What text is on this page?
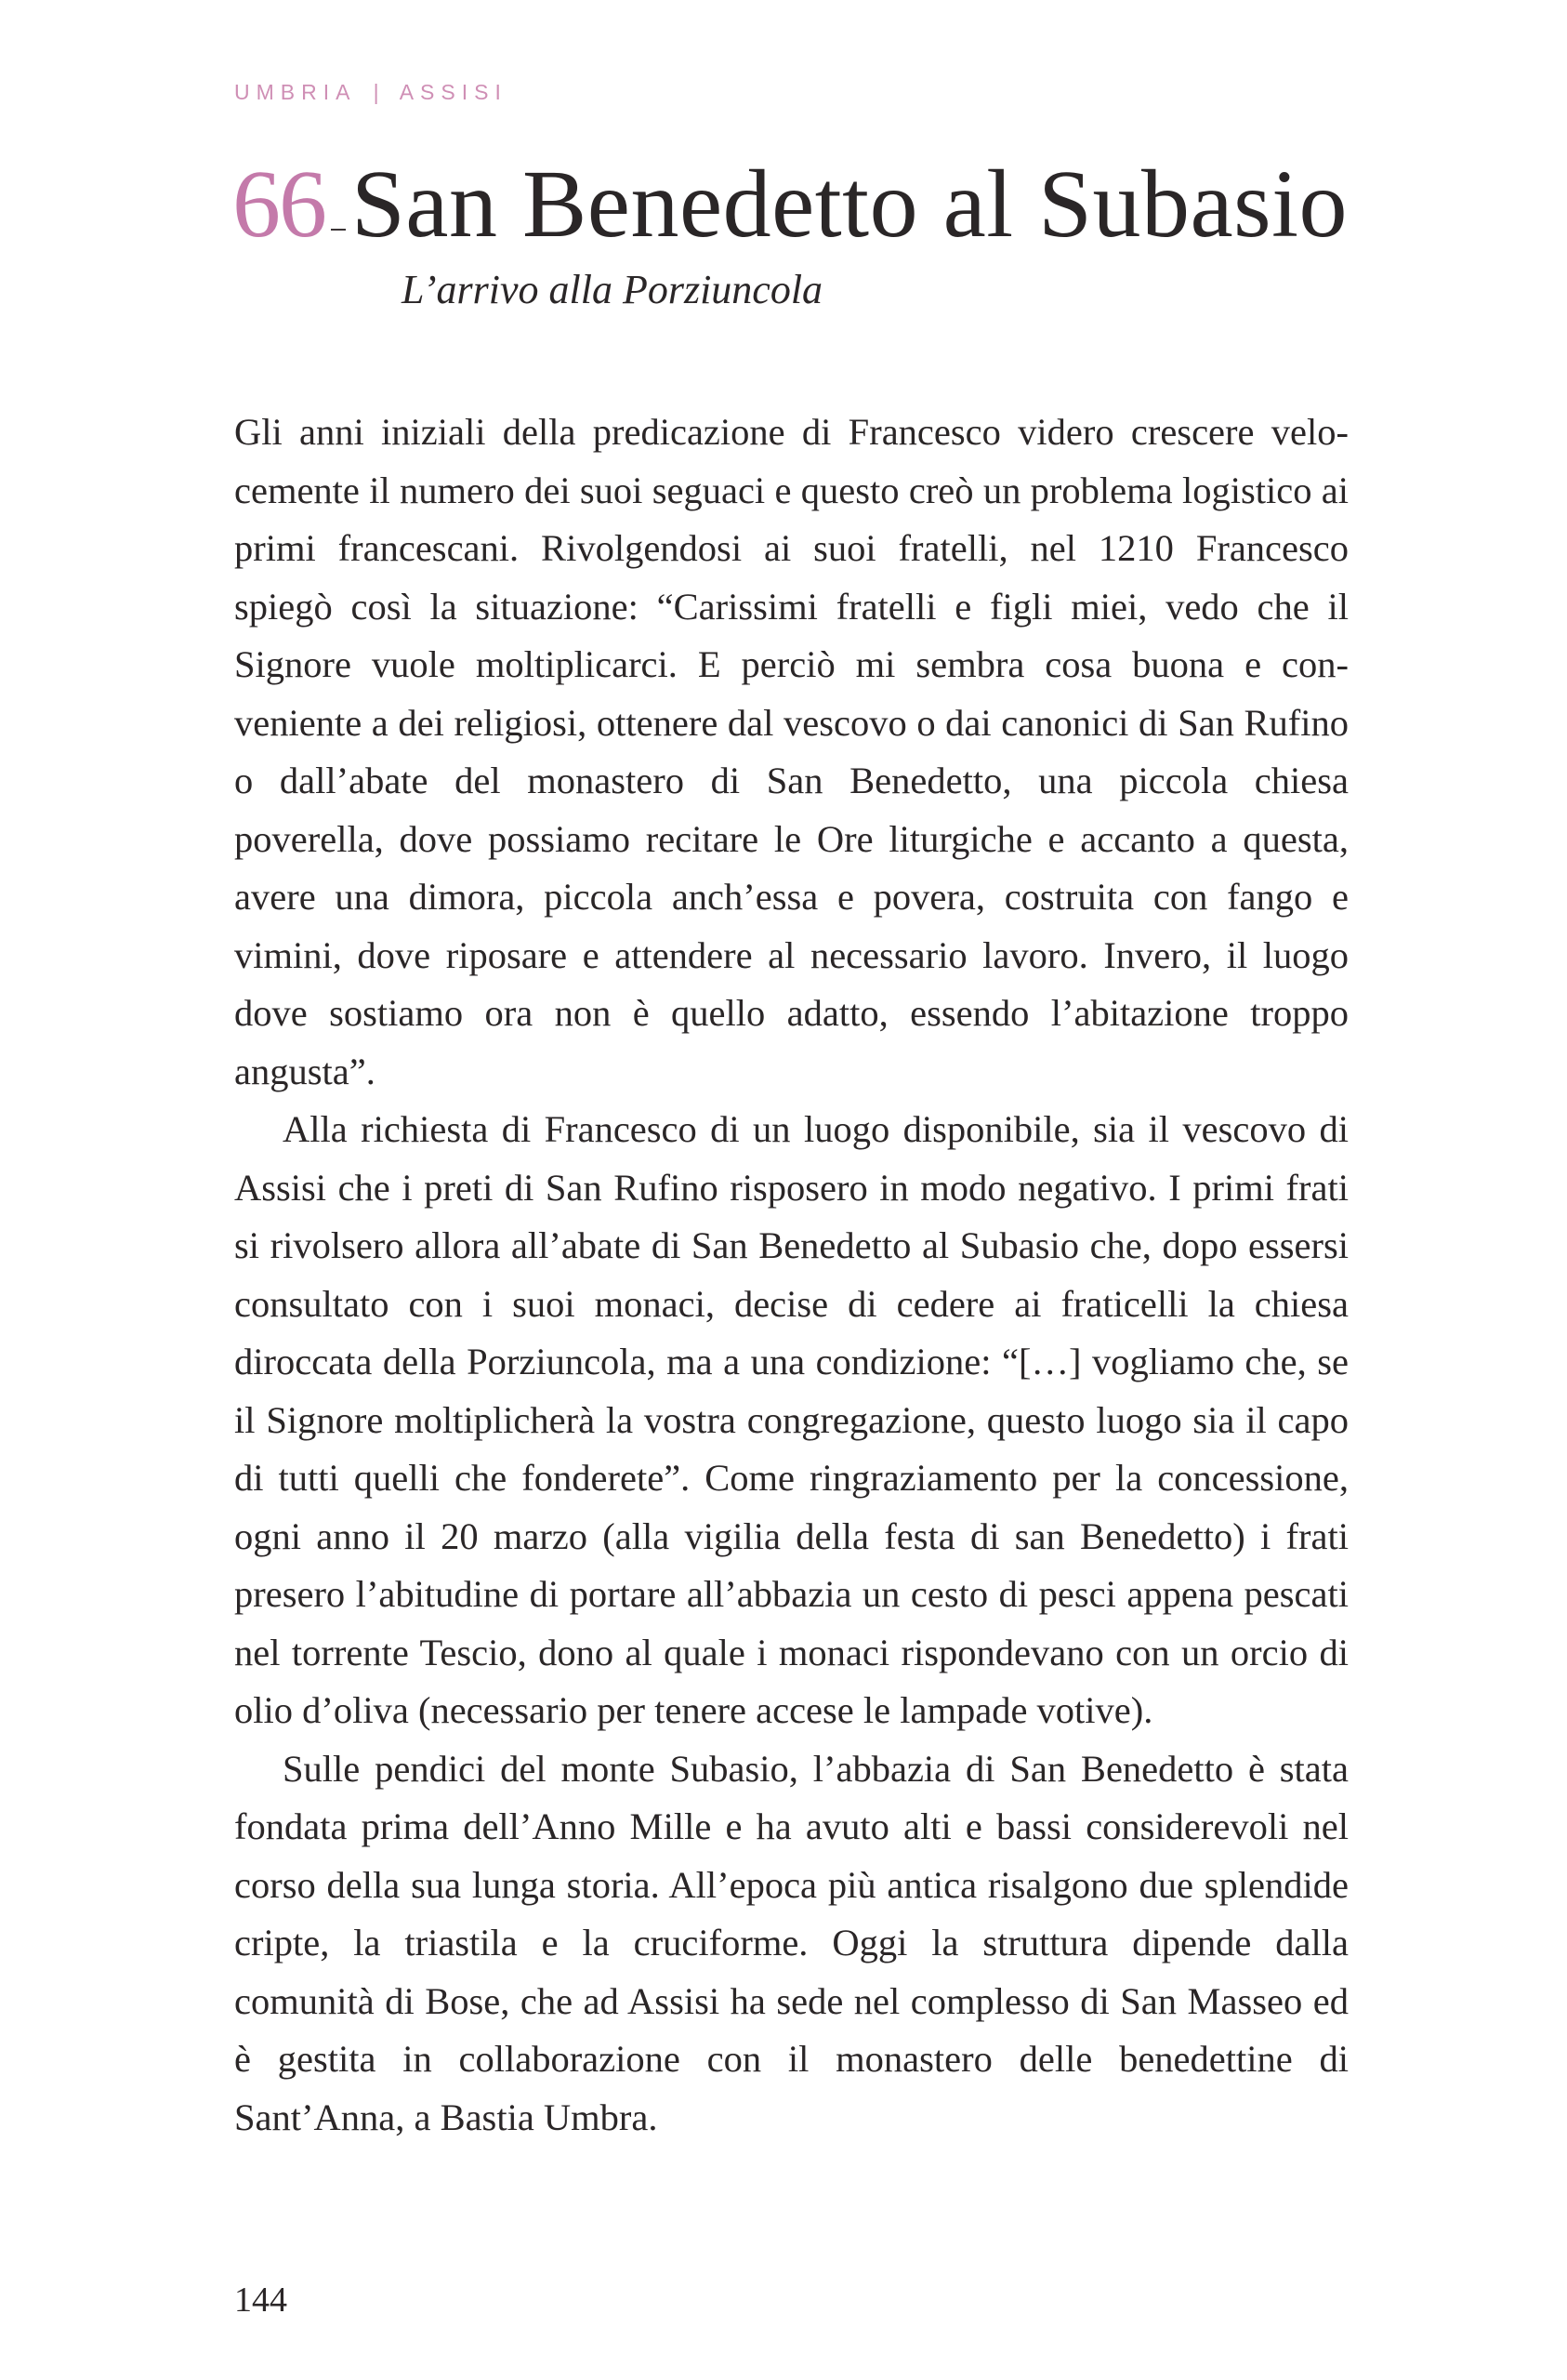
UMBRIA | ASSISI
66 San Benedetto al Subasio
L’arrivo alla Porziuncola

Gli anni iniziali della predicazione di Francesco videro crescere velocemente il numero dei suoi seguaci e questo creò un problema logistico ai primi francescani. Rivolgendosi ai suoi fratelli, nel 1210 Francesco spiegò così la situazione: “Carissimi fratelli e figli miei, vedo che il Signore vuole moltiplicarci. E perciò mi sembra cosa buona e conveniente a dei religiosi, ottenere dal vescovo o dai canonici di San Rufino o dall’abate del monastero di San Benedetto, una piccola chiesa poverella, dove possiamo recitare le Ore liturgiche e accanto a questa, avere una dimora, piccola anch’essa e povera, costruita con fango e vimini, dove riposare e attendere al necessario lavoro. Invero, il luogo dove sostiamo ora non è quello adatto, essendo l’abitazione troppo angusta”.

Alla richiesta di Francesco di un luogo disponibile, sia il vescovo di Assisi che i preti di San Rufino risposero in modo negativo. I primi frati si rivolsero allora all’abate di San Benedetto al Subasio che, dopo essersi consultato con i suoi monaci, decise di cedere ai fraticelli la chiesa diroccata della Porziuncola, ma a una condizione: “[…] vogliamo che, se il Signore moltiplicherà la vostra congregazione, questo luogo sia il capo di tutti quelli che fonderete”. Come ringraziamento per la concessione, ogni anno il 20 marzo (alla vigilia della festa di san Benedetto) i frati presero l’abitudine di portare all’abbazia un cesto di pesci appena pescati nel torrente Tescio, dono al quale i monaci rispondevano con un orcio di olio d’oliva (necessario per tenere accese le lampade votive).

Sulle pendici del monte Subasio, l’abbazia di San Benedetto è stata fondata prima dell’Anno Mille e ha avuto alti e bassi considerevoli nel corso della sua lunga storia. All’epoca più antica risalgono due splendide cripte, la triastila e la cruciforme. Oggi la struttura dipende dalla comunità di Bose, che ad Assisi ha sede nel complesso di San Masseo ed è gestita in collaborazione con il monastero delle benedettine di Sant’Anna, a Bastia Umbra.

144
